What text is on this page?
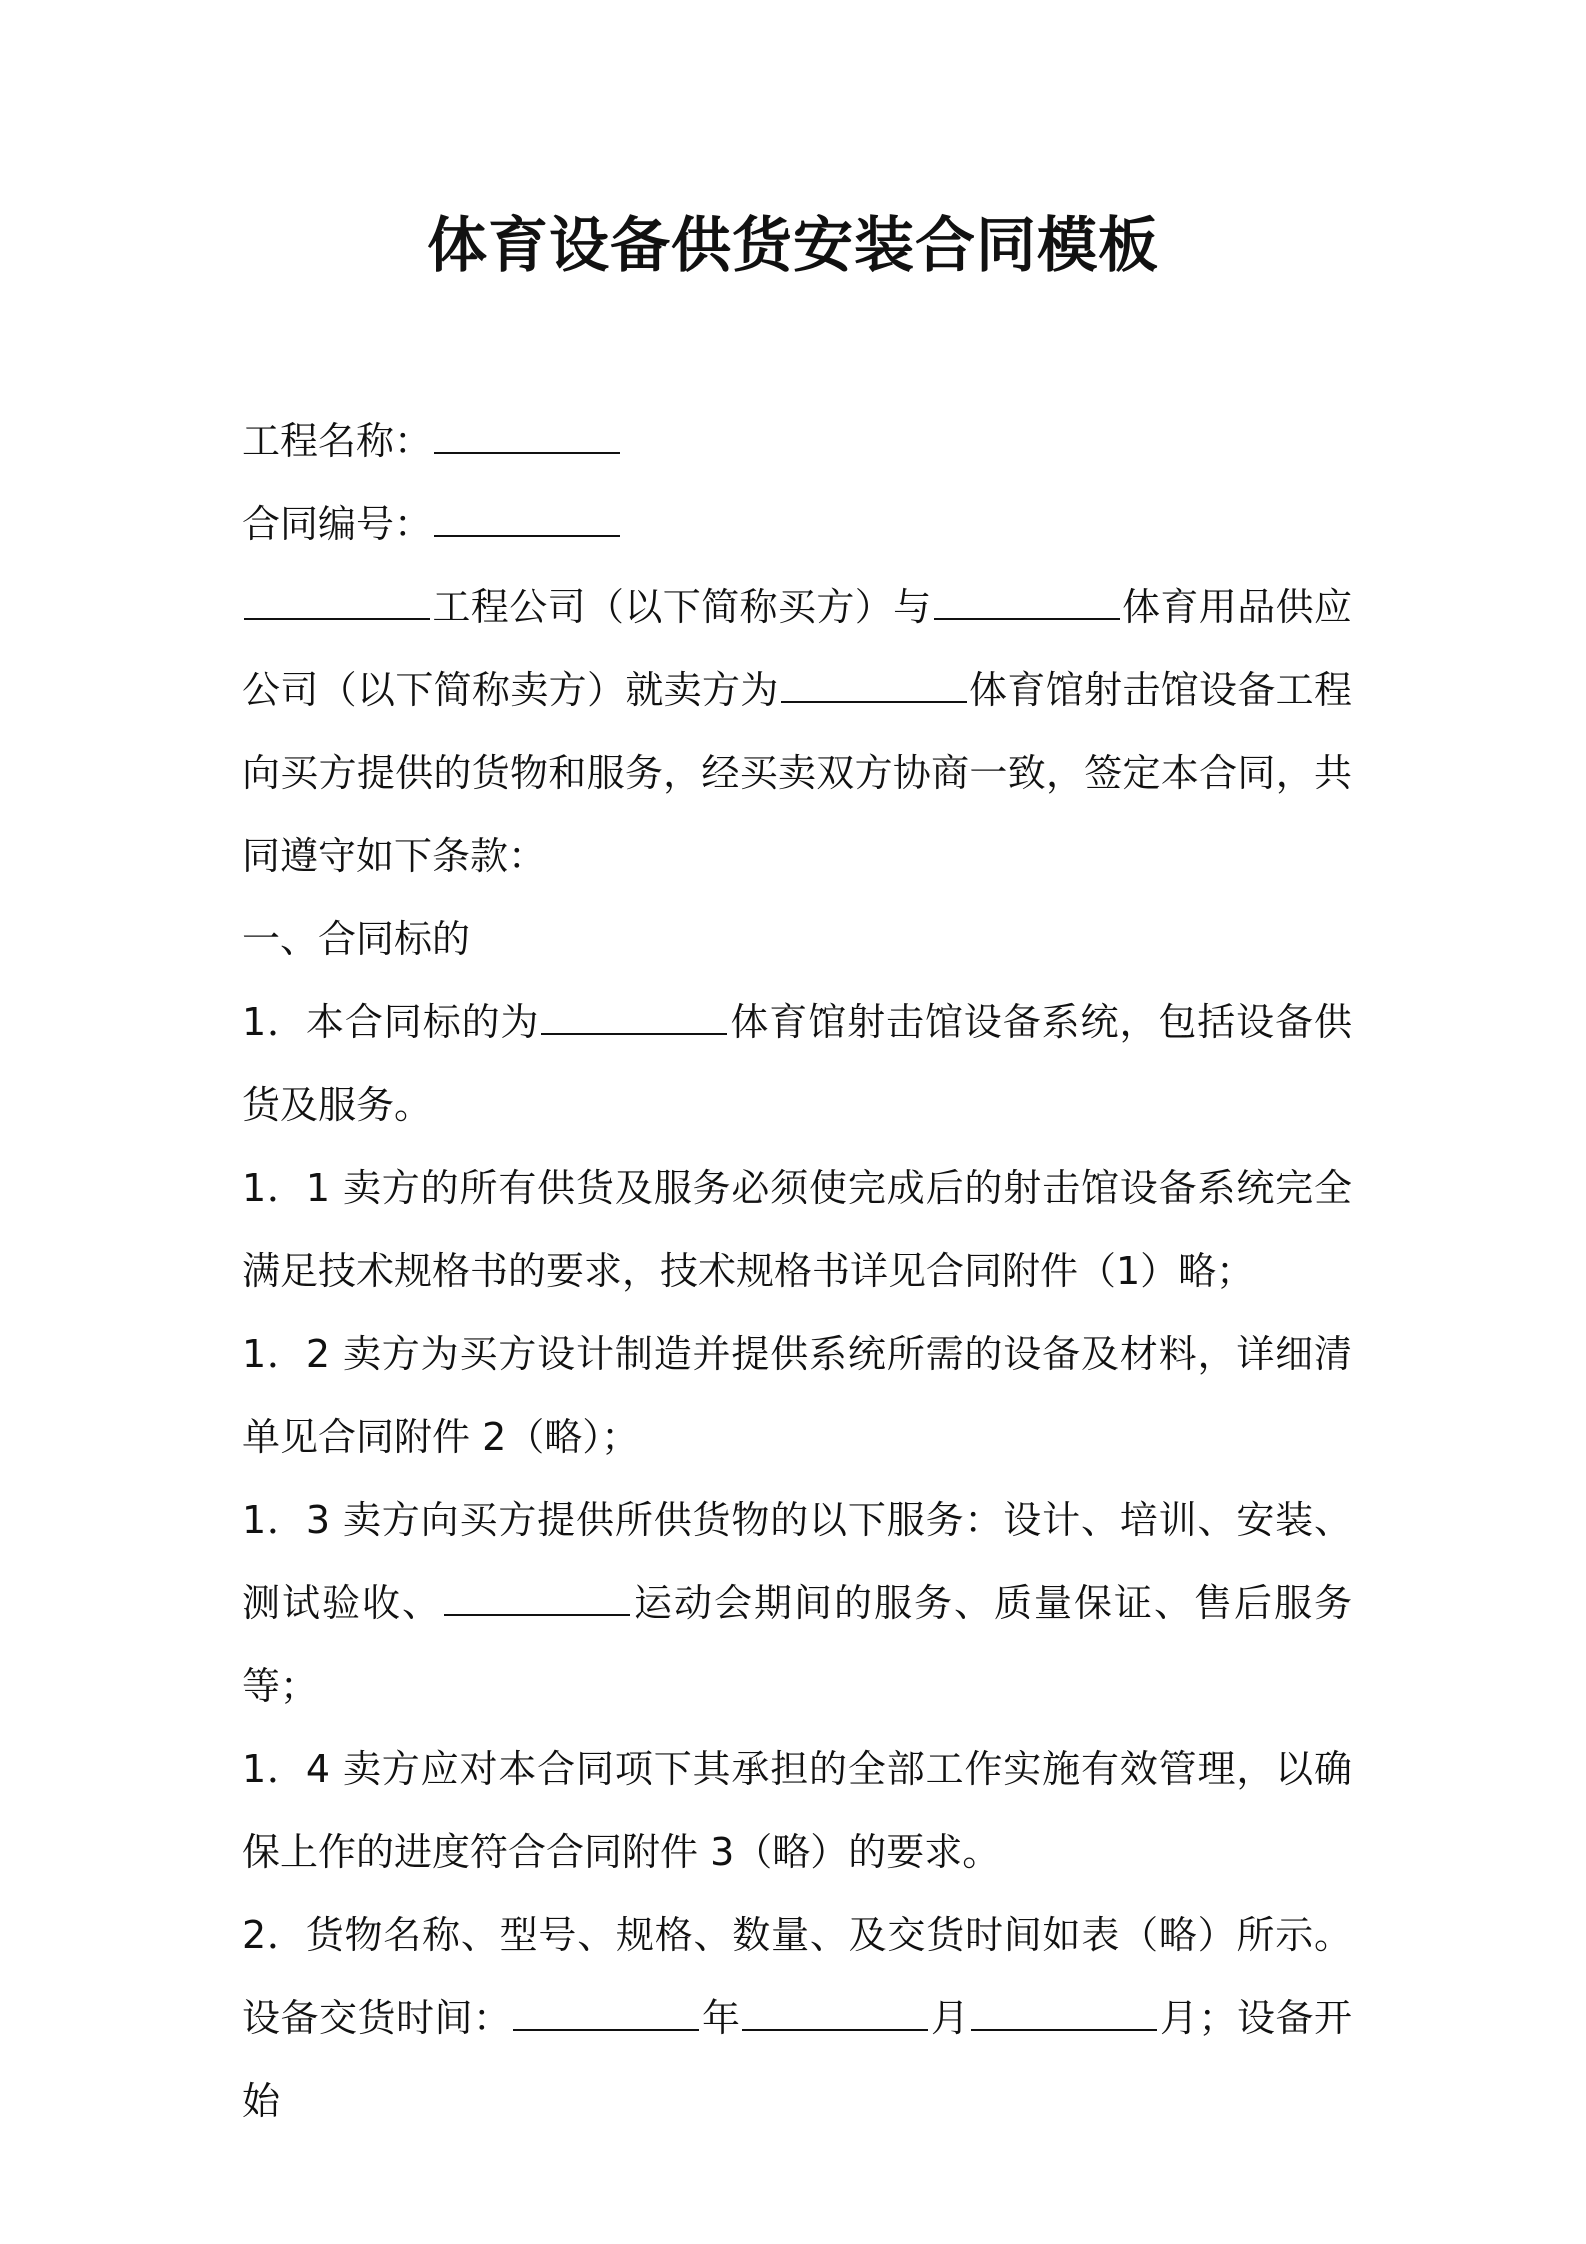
体育设备供货安装合同模板

工程名称：

合同编号：

工程公司（以下简称买方）与	体育用品供应公司（以下简称卖方）就卖方为	体育馆射击馆设备工程向买方提供的货物和服务，经买卖双方协商一致，签定本合同，共同遵守如下条款：

一、合同标的

1．本合同标的为	体育馆射击馆设备系统，包括设备供货及服务。

1．1 卖方的所有供货及服务必须使完成后的射击馆设备系统完全满足技术规格书的要求，技术规格书详见合同附件（1）略；

1．2 卖方为买方设计制造并提供系统所需的设备及材料，详细清单见合同附件 2（略）；

1．3 卖方向买方提供所供货物的以下服务：设计、培训、安装、测试验收、	运动会期间的服务、质量保证、售后服务等；

1．4 卖方应对本合同项下其承担的全部工作实施有效管理，以确保上作的进度符合合同附件 3（略）的要求。

2．货物名称、型号、规格、数量、及交货时间如表（略）所示。设备交货时间：	年	月	月；设备开始
